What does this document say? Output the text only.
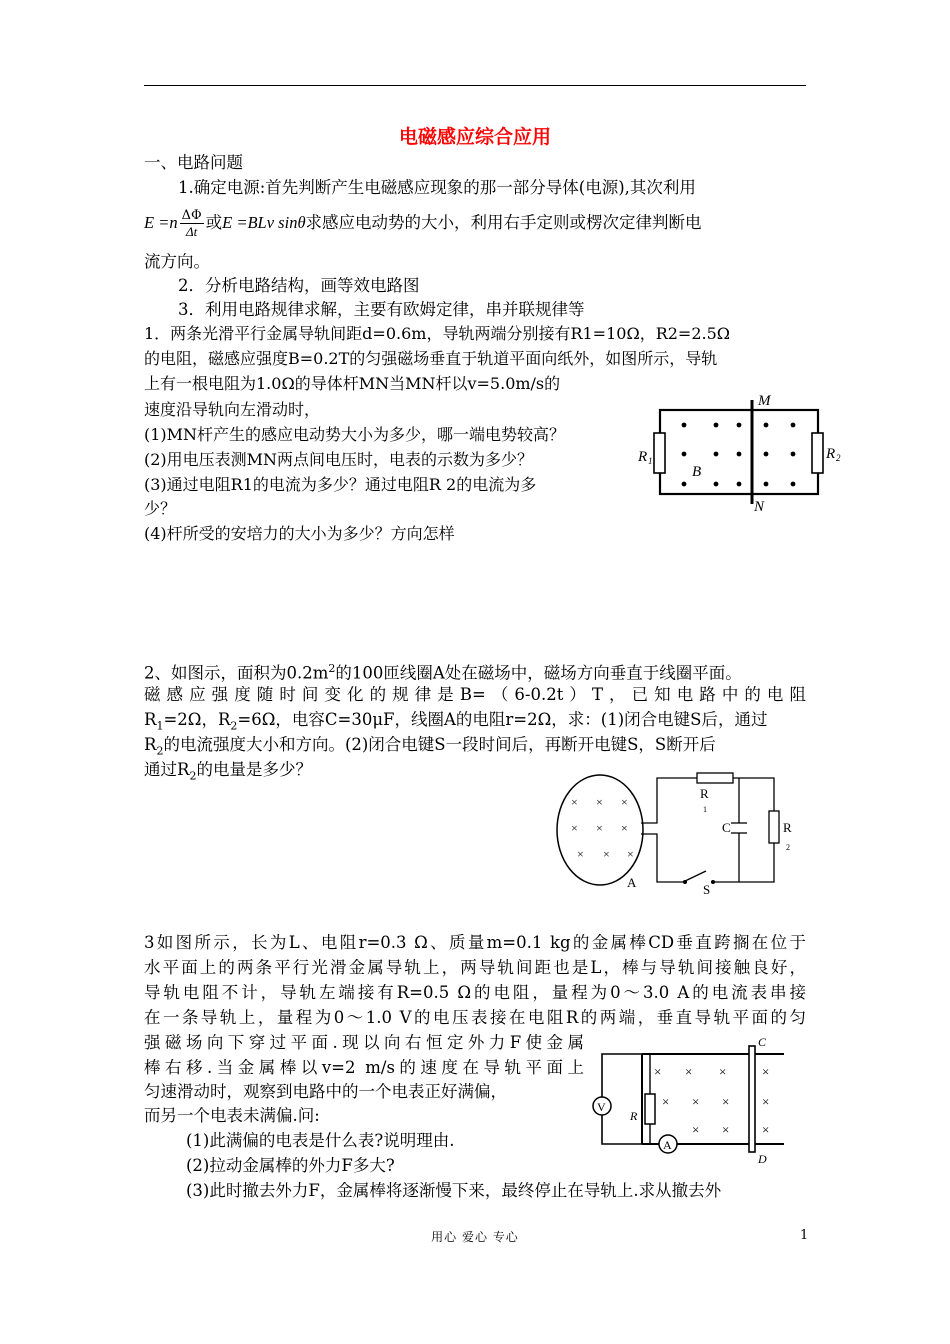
电磁感应综合应用
一、电路问题
1.确定电源:首先判断产生电磁感应现象的那一部分导体(电源),其次利用
$E =n \frac{\Delta\Phi}{\Delta t}$ 或E =BLv sinθ求感应电动势的大小，利用右手定则或楞次定律判断电
流方向。
2．分析电路结构，画等效电路图
3．利用电路规律求解，主要有欧姆定律，串并联规律等
1．两条光滑平行金属导轨间距d=0.6m，导轨两端分别接有R1=10Ω，R2=2.5Ω
的电阻，磁感应强度B=0.2T的匀强磁场垂直于轨道平面向纸外，如图所示，导轨
上有一根电阻为1.0Ω的导体杆MN当MN杆以v=5.0m/s的
速度沿导轨向左滑动时，
(1)MN杆产生的感应电动势大小为多少，哪一端电势较高？
(2)用电压表测MN两点间电压时，电表的示数为多少？
(3)通过电阻R1的电流为多少？通过电阻R 2的电流为多
少？
(4)杆所受的安培力的大小为多少？方向怎样
M
N
R 1	R 2
B
2、如图示，面积为$0.2m^2$的100匝线圈A处在磁场中，磁场方向垂直于线圈平面。
磁感应强度随时间变化的规律是B=（6-0.2t）T，已知电路中的电阻
$R_1=2\Omega$，$R_2=6\Omega$，电容C=30μF，线圈A的电阻r=2Ω，求：(1)闭合电键S后，通过
$R_2$的电流强度大小和方向。(2)闭合电键S一段时间后，再断开电键S，S断开后
通过$R_2$的电量是多少？
× × ×
× × ×
× × ×
R
1
C	R
2
A	S
3如图所示，长为L、电阻r=0.3 Ω、质量m=0.1 kg的金属棒CD垂直跨搁在位于
水平面上的两条平行光滑金属导轨上，两导轨间距也是L，棒与导轨间接触良好，
导轨电阻不计，导轨左端接有R=0.5 Ω的电阻，量程为0～3.0 A的电流表串接
在一条导轨上，量程为0～1.0 V的电压表接在电阻R的两端，垂直导轨平面的匀
强磁场向下穿过平面.现以向右恒定外力F使金属
棒右移.当金属棒以v=2 m/s的速度在导轨平面上
匀速滑动时，观察到电路中的一个电表正好满偏，
而另一个电表未满偏.问:
(1)此满偏的电表是什么表?说明理由.
(2)拉动金属棒的外力F多大?
(3)此时撤去外力F，金属棒将逐渐慢下来，最终停止在导轨上.求从撤去外
V
R
A
× × ×	×
× × ×	×
× ×	×
C
D
用心 爱心 专心	1
